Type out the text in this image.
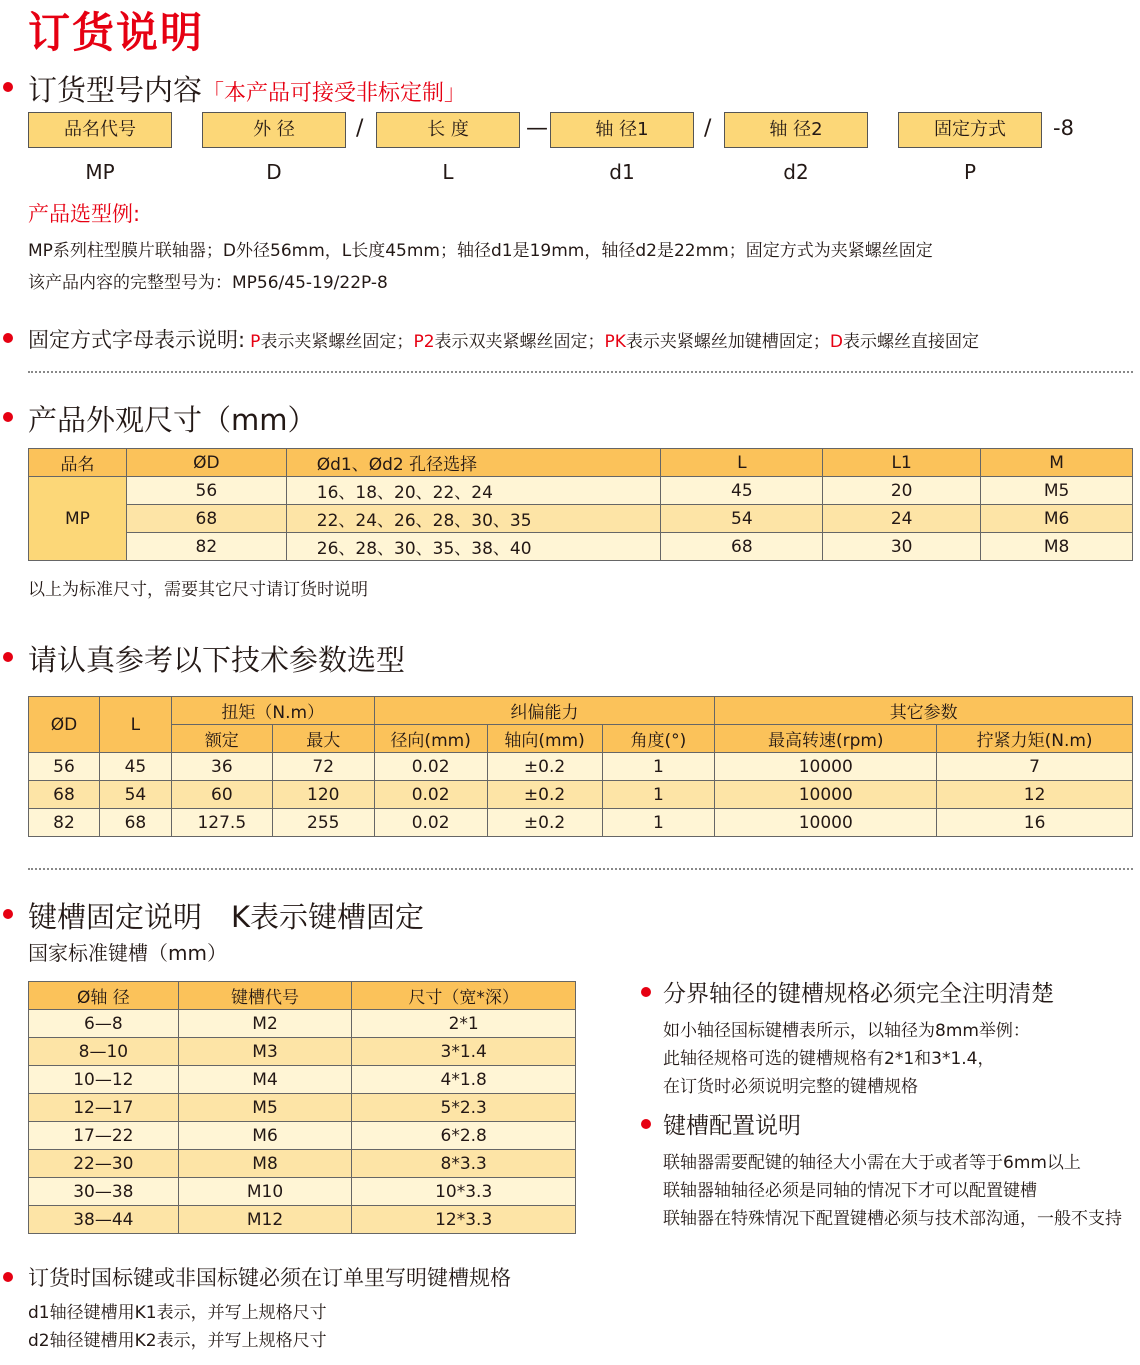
订货说明
订货型号内容「本产品可接受非标定制」
品名代号	外 径	/	长 度	—	轴 径1	/	轴 径2	固定方式	-8
MP	D	L	d1	d2	P
产品选型例:
MP系列柱型膜片联轴器；D外径56mm，L长度45mm；轴径d1是19mm，轴径d2是22mm；固定方式为夹紧螺丝固定
该产品内容的完整型号为：MP56/45-19/22P-8
固定方式字母表示说明: P表示夹紧螺丝固定；P2表示双夹紧螺丝固定；PK表示夹紧螺丝加键槽固定；D表示螺丝直接固定
产品外观尺寸（mm）
品名	ØD	Ød1、Ød2 孔径选择	L	L1	M
MP	56	16、18、20、22、24	45	20	M5
	68	22、24、26、28、30、35	54	24	M6
	82	26、28、30、35、38、40	68	30	M8
以上为标准尺寸，需要其它尺寸请订货时说明
请认真参考以下技术参数选型
ØD	L	扭矩（N.m）		纠偏能力			其它参数	
		额定	最大	径向(mm)	轴向(mm)	角度(°)	最高转速(rpm)	拧紧力矩(N.m)
56	45	36	72	0.02	±0.2	1	10000	7
68	54	60	120	0.02	±0.2	1	10000	12
82	68	127.5	255	0.02	±0.2	1	10000	16
键槽固定说明　K表示键槽固定
国家标准键槽（mm）
Ø轴 径	键槽代号	尺寸（宽*深）
6—8	M2	2*1
8—10	M3	3*1.4
10—12	M4	4*1.8
12—17	M5	5*2.3
17—22	M6	6*2.8
22—30	M8	8*3.3
30—38	M10	10*3.3
38—44	M12	12*3.3
分界轴径的键槽规格必须完全注明清楚
如小轴径国标键槽表所示，以轴径为8mm举例：
此轴径规格可选的键槽规格有2*1和3*1.4，
在订货时必须说明完整的键槽规格
键槽配置说明
联轴器需要配键的轴径大小需在大于或者等于6mm以上
联轴器轴轴径必须是同轴的情况下才可以配置键槽
联轴器在特殊情况下配置键槽必须与技术部沟通，一般不支持
订货时国标键或非国标键必须在订单里写明键槽规格
d1轴径键槽用K1表示，并写上规格尺寸
d2轴径键槽用K2表示，并写上规格尺寸
